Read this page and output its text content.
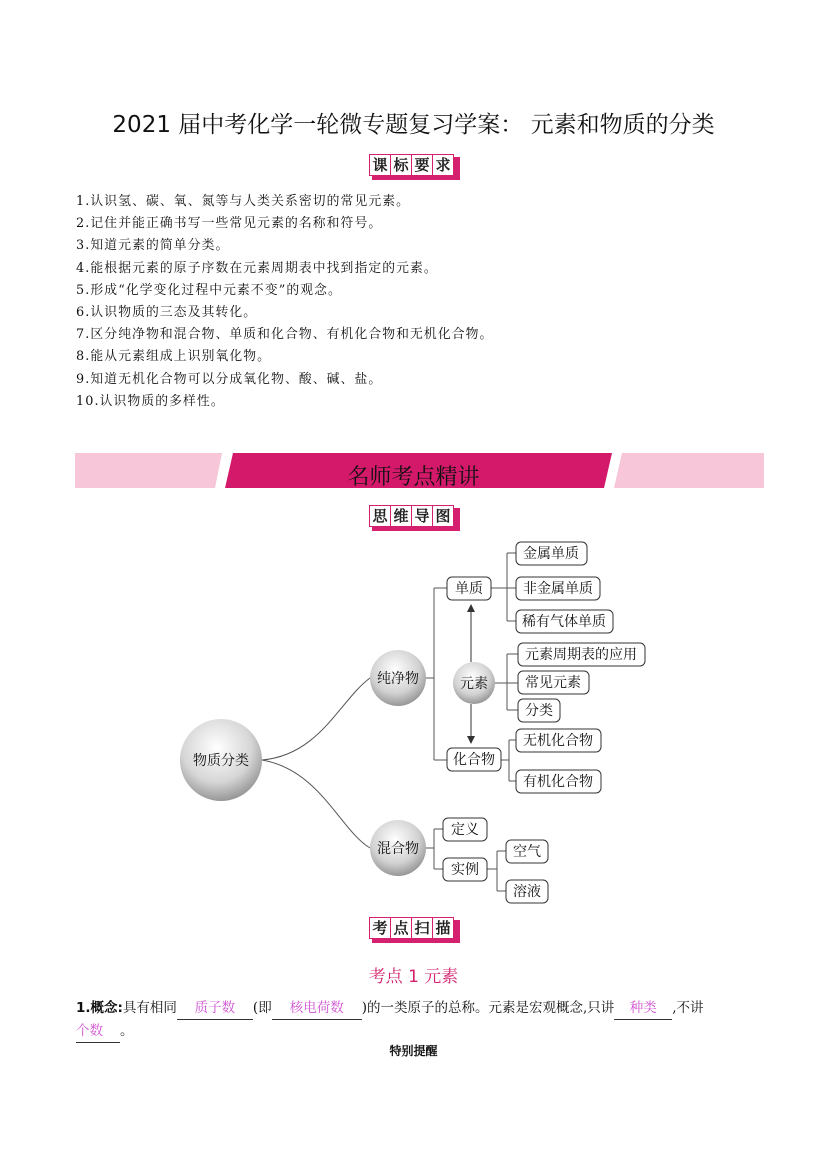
2021 届中考化学一轮微专题复习学案： 元素和物质的分类
课 标 要 求
1.认识氢、碳、氧、氮等与人类关系密切的常见元素。
2.记住并能正确书写一些常见元素的名称和符号。
3.知道元素的简单分类。
4.能根据元素的原子序数在元素周期表中找到指定的元素。
5.形成“化学变化过程中元素不变”的观念。
6.认识物质的三态及其转化。
7.区分纯净物和混合物、单质和化合物、有机化合物和无机化合物。
8.能从元素组成上识别氧化物。
9.知道无机化合物可以分成氧化物、酸、碱、盐。
10.认识物质的多样性。
名师考点精讲
思 维 导 图
物质分类
纯净物	元素
混合物
单质
化合物
金属单质
非金属单质
稀有气体单质
元素周期表的应用
常见元素
分类
无机化合物
有机化合物
定义
实例
空气
溶液
考 点 扫 描
考点 1 元素
1.概念:具有相同 质子数 (即 核电荷数 )的一类原子的总称。元素是宏观概念,只讲 种类 ,不讲
个数 。
特别提醒
